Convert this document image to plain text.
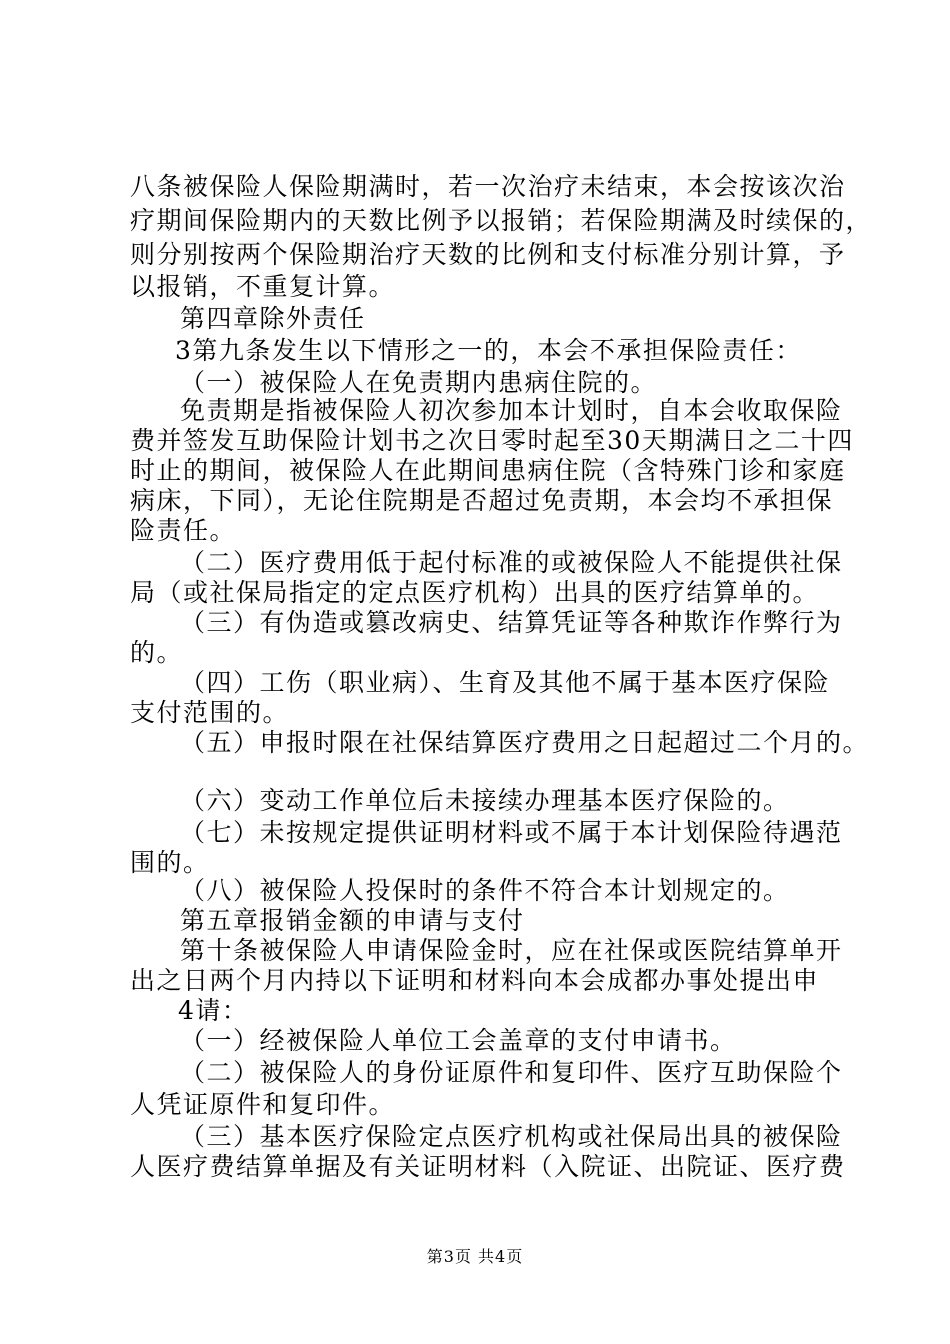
八条被保险人保险期满时，若一次治疗未结束，本会按该次治
疗期间保险期内的天数比例予以报销；若保险期满及时续保的，
则分别按两个保险期治疗天数的比例和支付标准分别计算，予
以报销，不重复计算。
第四章除外责任
3第九条发生以下情形之一的，本会不承担保险责任：
（一）被保险人在免责期内患病住院的。
免责期是指被保险人初次参加本计划时，自本会收取保险
费并签发互助保险计划书之次日零时起至30天期满日之二十四
时止的期间，被保险人在此期间患病住院（含特殊门诊和家庭
病床，下同），无论住院期是否超过免责期，本会均不承担保
险责任。
（二）医疗费用低于起付标准的或被保险人不能提供社保
局（或社保局指定的定点医疗机构）出具的医疗结算单的。
（三）有伪造或篡改病史、结算凭证等各种欺诈作弊行为
的。
（四）工伤（职业病）、生育及其他不属于基本医疗保险
支付范围的。
（五）申报时限在社保结算医疗费用之日起超过二个月的。
（六）变动工作单位后未接续办理基本医疗保险的。
（七）未按规定提供证明材料或不属于本计划保险待遇范
围的。
（八）被保险人投保时的条件不符合本计划规定的。
第五章报销金额的申请与支付
第十条被保险人申请保险金时，应在社保或医院结算单开
出之日两个月内持以下证明和材料向本会成都办事处提出申
4请：
（一）经被保险人单位工会盖章的支付申请书。
（二）被保险人的身份证原件和复印件、医疗互助保险个
人凭证原件和复印件。
（三）基本医疗保险定点医疗机构或社保局出具的被保险
人医疗费结算单据及有关证明材料（入院证、出院证、医疗费
第3页 共4页
